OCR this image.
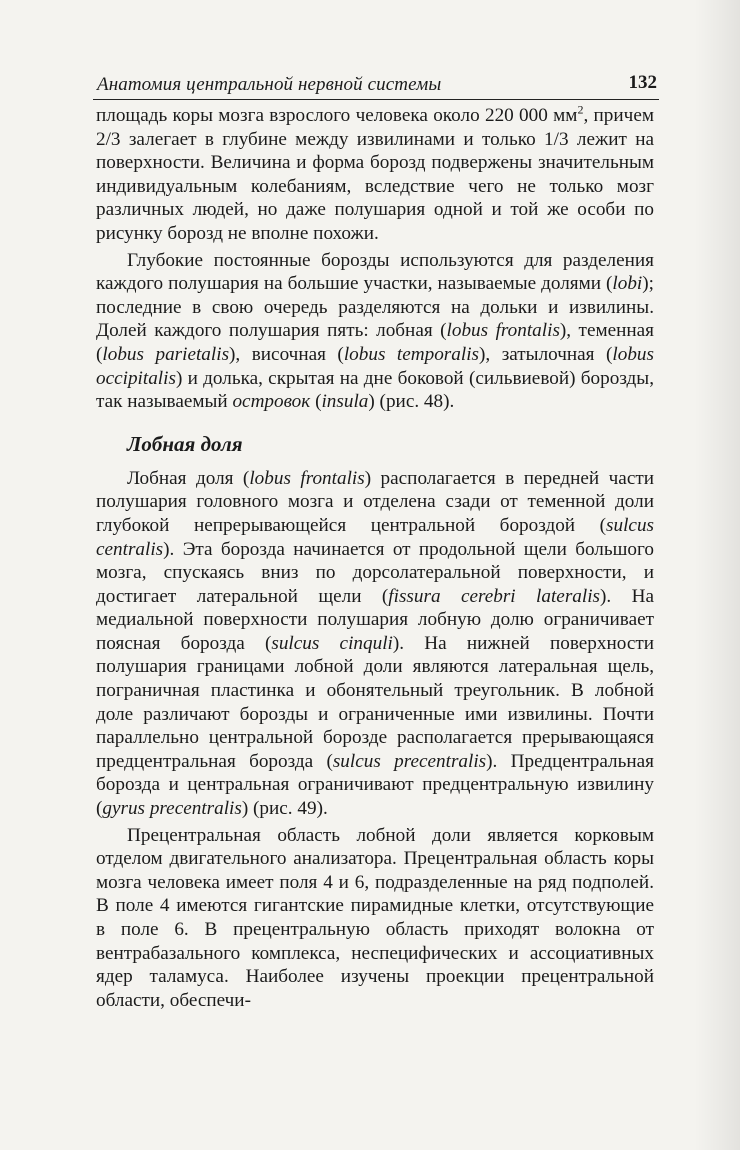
Анатомия центральной нервной системы	132

площадь коры мозга взрослого человека около 220 000 $мм^2$, причем 2/3 залегает в глубине между извилинами и только 1/3 лежит на поверхности. Величина и форма борозд подвержены значительным индивидуальным колебаниям, вследствие чего не только мозг различных людей, но даже полушария одной и той же особи по рисунку борозд не вполне похожи.

Глубокие постоянные борозды используются для разделения каждого полушария на большие участки, называемые долями (lobi); последние в свою очередь разделяются на дольки и извилины. Долей каждого полушария пять: лобная (lobus frontalis), теменная (lobus parietalis), височная (lobus temporalis), затылочная (lobus occipitalis) и долька, скрытая на дне боковой (сильвиевой) борозды, так называемый островок (insula) (рис. 48).

Лобная доля

Лобная доля (lobus frontalis) располагается в передней части полушария головного мозга и отделена сзади от теменной доли глубокой непрерывающейся центральной бороздой (sulcus centralis). Эта борозда начинается от продольной щели большого мозга, спускаясь вниз по дорсолатеральной поверхности, и достигает латеральной щели (fissura cerebri lateralis). На медиальной поверхности полушария лобную долю ограничивает поясная борозда (sulcus cinquli). На нижней поверхности полушария границами лобной доли являются латеральная щель, пограничная пластинка и обонятельный треугольник. В лобной доле различают борозды и ограниченные ими извилины. Почти параллельно центральной борозде располагается прерывающаяся предцентральная борозда (sulcus precentralis). Предцентральная борозда и центральная ограничивают предцентральную извилину (gyrus precentralis) (рис. 49).

Прецентральная область лобной доли является корковым отделом двигательного анализатора. Прецентральная область коры мозга человека имеет поля 4 и 6, подразделенные на ряд подполей. В поле 4 имеются гигантские пирамидные клетки, отсутствующие в поле 6. В прецентральную область приходят волокна от вентрабазального комплекса, неспецифических и ассоциативных ядер таламуса. Наиболее изучены проекции прецентральной области, обеспечи-
